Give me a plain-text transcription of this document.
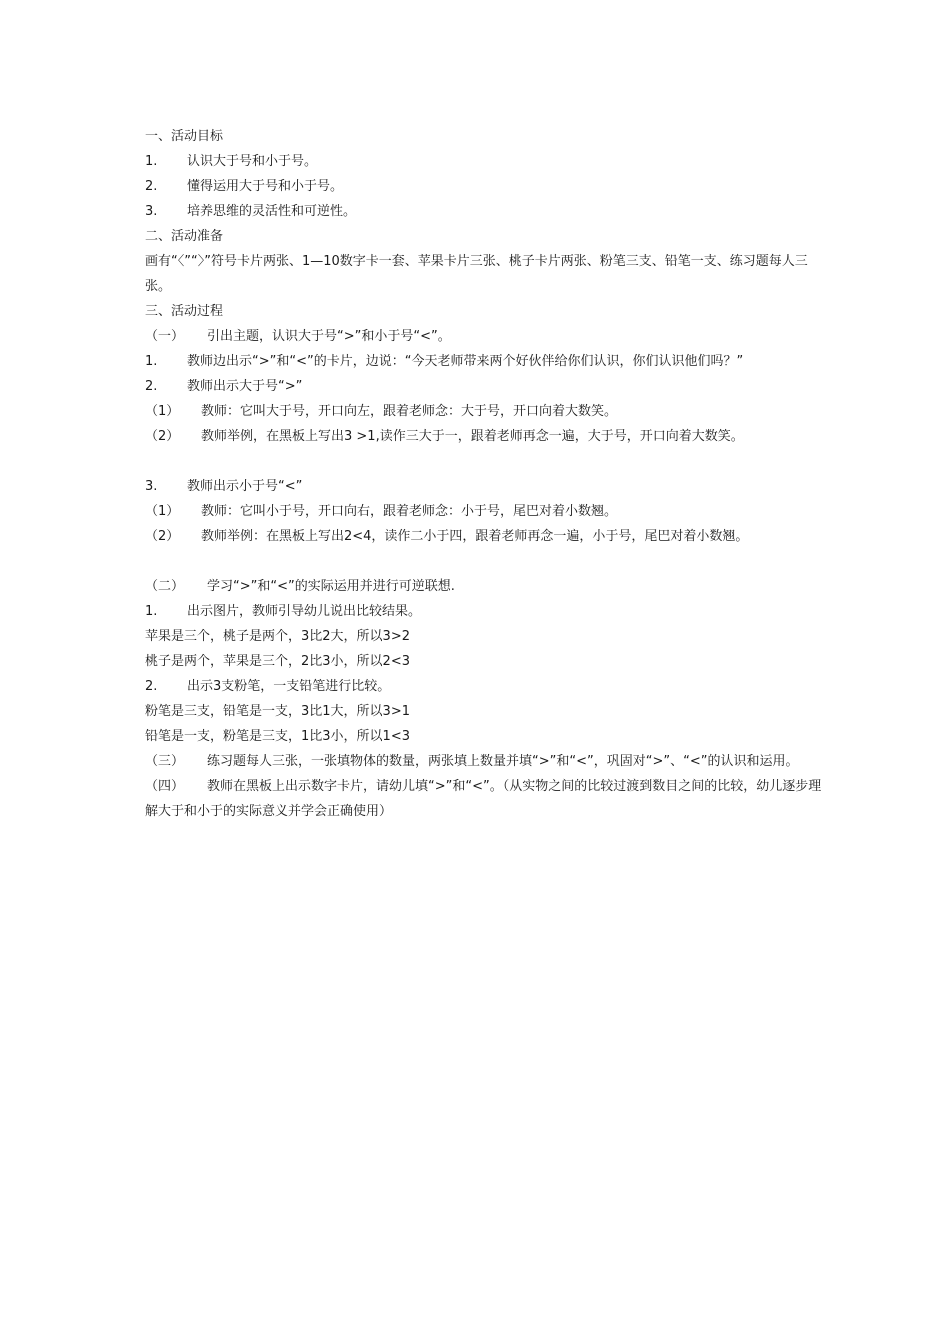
一、活动目标
1. 认识大于号和小于号。
2. 懂得运用大于号和小于号。
3. 培养思维的灵活性和可逆性。
二、活动准备
画有“〈”“〉”符号卡片两张、1—10数字卡一套、苹果卡片三张、桃子卡片两张、粉笔三支、铅笔一支、练习题每人三张。
三、活动过程
（一） 引出主题，认识大于号“>”和小于号“<”。
1. 教师边出示“>”和“<”的卡片，边说：“今天老师带来两个好伙伴给你们认识，你们认识他们吗？”
2. 教师出示大于号“>”
（1） 教师：它叫大于号，开口向左，跟着老师念：大于号，开口向着大数笑。
（2） 教师举例，在黑板上写出3 >1,读作三大于一，跟着老师再念一遍，大于号，开口向着大数笑。
3. 教师出示小于号“<”
（1） 教师：它叫小于号，开口向右，跟着老师念：小于号，尾巴对着小数翘。
（2） 教师举例：在黑板上写出2<4，读作二小于四，跟着老师再念一遍，小于号，尾巴对着小数翘。
（二） 学习“>”和“<”的实际运用并进行可逆联想.
1. 出示图片，教师引导幼儿说出比较结果。
苹果是三个，桃子是两个，3比2大，所以3>2
桃子是两个，苹果是三个，2比3小，所以2<3
2. 出示3支粉笔，一支铅笔进行比较。
粉笔是三支，铅笔是一支，3比1大，所以3>1
铅笔是一支，粉笔是三支，1比3小，所以1<3
（三） 练习题每人三张，一张填物体的数量，两张填上数量并填“>”和“<”，巩固对“>”、“<”的认识和运用。
（四） 教师在黑板上出示数字卡片，请幼儿填“>”和“<”。（从实物之间的比较过渡到数目之间的比较，幼儿逐步理解大于和小于的实际意义并学会正确使用）
